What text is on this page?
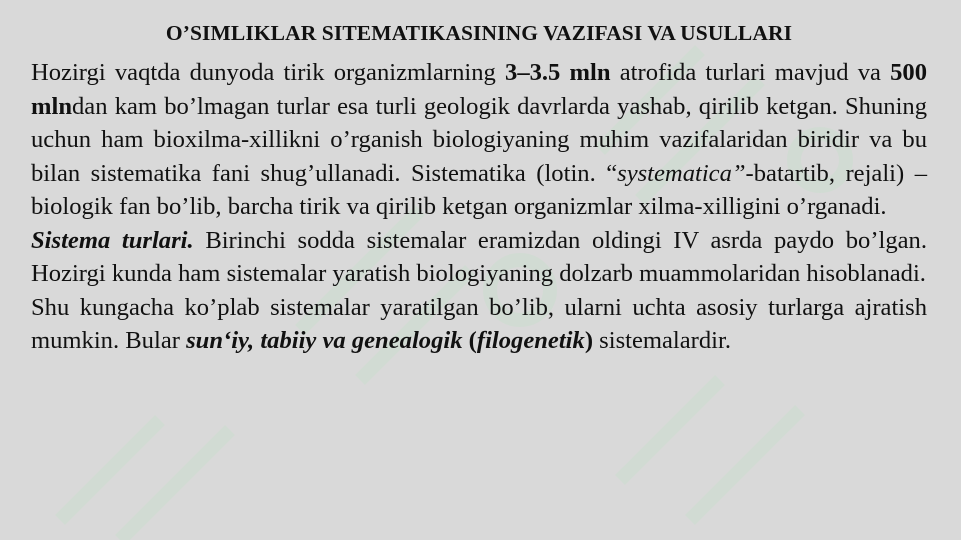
O’SIMLIKLAR SITEMATIKASINING VAZIFASI VA USULLARI

Hozirgi vaqtda dunyoda tirik organizmlarning 3–3.5 mln atrofida turlari mavjud va 500 mlndan kam bo’lmagan turlar esa turli geologik davrlarda yashab, qirilib ketgan. Shuning uchun ham bioxilma-xillikni o’rganish biologiyaning muhim vazifalaridan biridir va bu bilan sistematika fani shug’ullanadi. Sistematika (lotin. “systematica”-batartib, rejali) – biologik fan bo’lib, barcha tirik va qirilib ketgan organizmlar xilma-xilligini o’rganadi.

Sistema turlari. Birinchi sodda sistemalar eramizdan oldingi IV asrda paydo bo’lgan. Hozirgi kunda ham sistemalar yaratish biologiyaning dolzarb muammolaridan hisoblanadi.

Shu kungacha ko’plab sistemalar yaratilgan bo’lib, ularni uchta asosiy turlarga ajratish mumkin. Bular sun‘iy, tabiiy va genealogik (filogenetik) sistemalardir.
